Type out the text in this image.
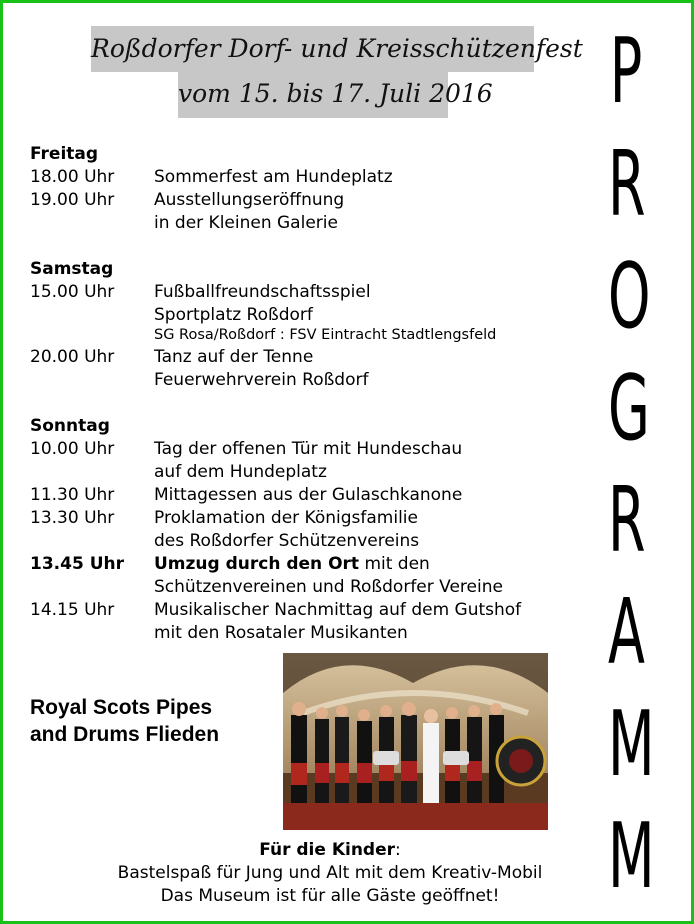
Roßdorfer Dorf- und Kreisschützenfest
vom 15. bis 17. Juli 2016 P
R
O
G
R
A
M
M
Freitag
18.00 Uhr Sommerfest am Hundeplatz
19.00 Uhr Ausstellungseröffnung
in der Kleinen Galerie
Samstag
15.00 Uhr Fußballfreundschaftsspiel
Sportplatz Roßdorf
SG Rosa/Roßdorf : FSV Eintracht Stadtlengsfeld
20.00 Uhr Tanz auf der Tenne
Feuerwehrverein Roßdorf
Sonntag
10.00 Uhr Tag der offenen Tür mit Hundeschau
auf dem Hundeplatz
11.30 Uhr Mittagessen aus der Gulaschkanone
13.30 Uhr Proklamation der Königsfamilie
des Roßdorfer Schützenvereins
13.45 Uhr Umzug durch den Ort mit den
Schützenvereinen und Roßdorfer Vereine
14.15 Uhr Musikalischer Nachmittag auf dem Gutshof
mit den Rosataler Musikanten
Royal Scots Pipes
and Drums Flieden
Für die Kinder:
Bastelspaß für Jung und Alt mit dem Kreativ-Mobil
Das Museum ist für alle Gäste geöffnet!
